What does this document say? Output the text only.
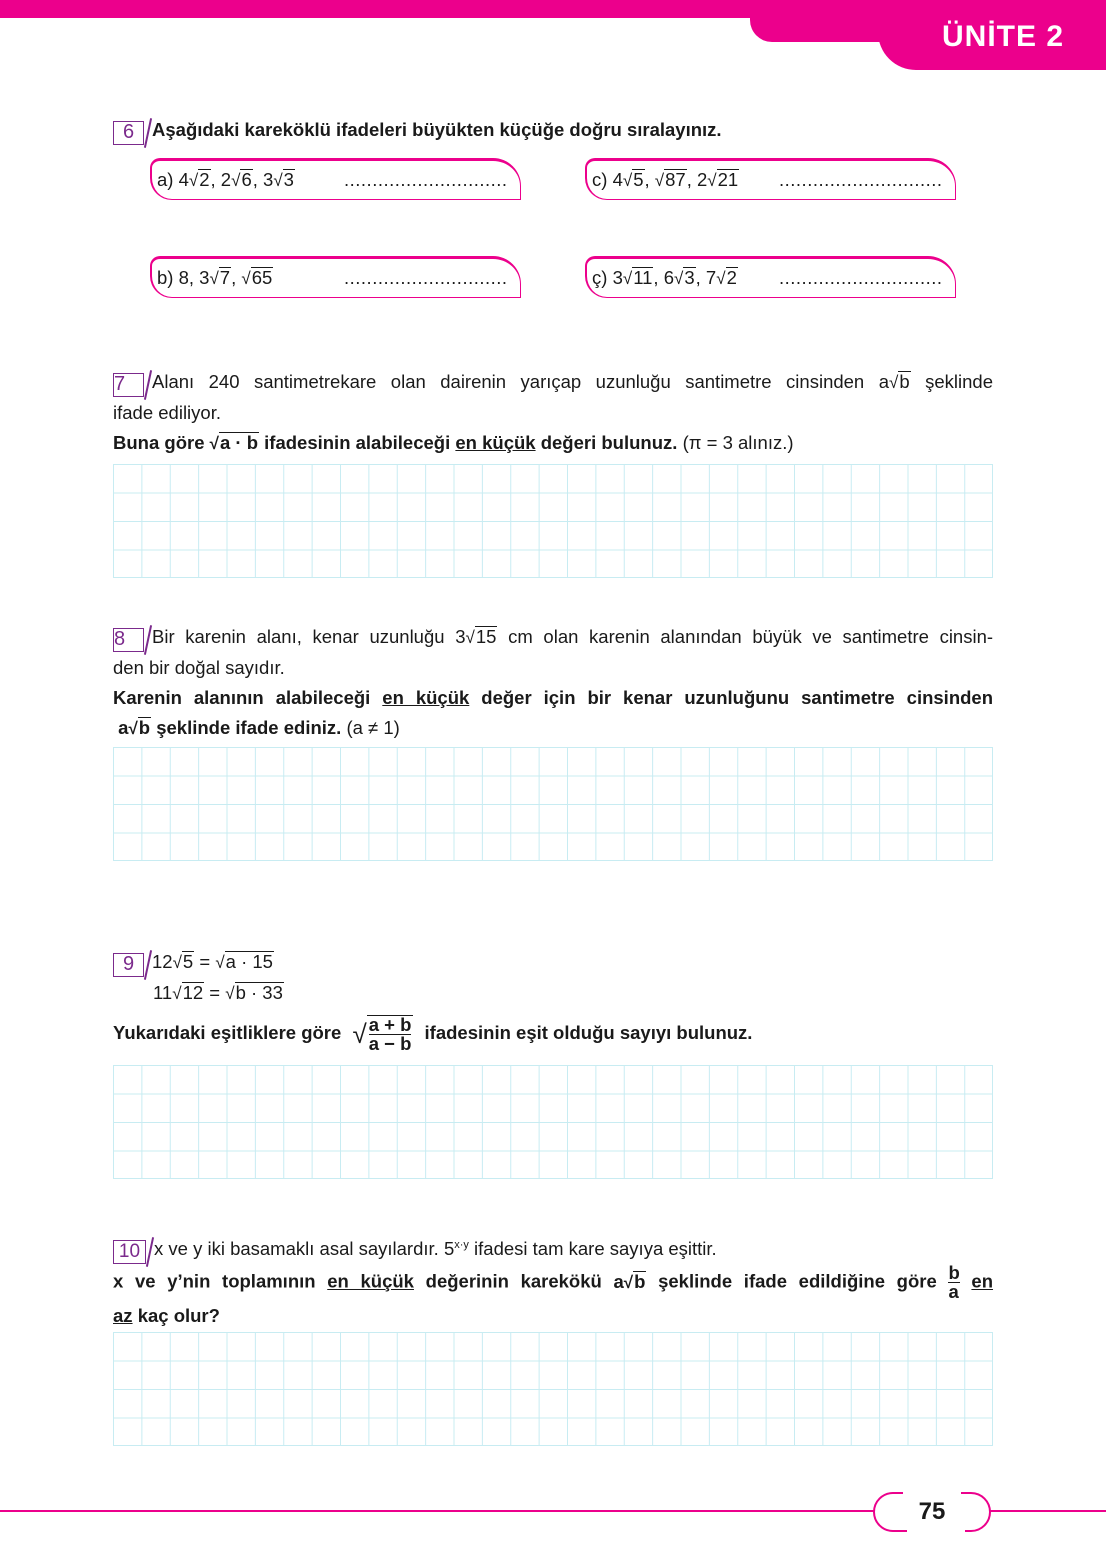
ÜNİTE 2
6 Aşağıdaki kareköklü ifadeleri büyükten küçüğe doğru sıralayınız.
a) 4√2, 2√6, 3√3	.............................
b) 8, 3√7, √65	.............................
c) 4√5, √87, 2√21 .............................
ç) 3√11, 6√3, 7√2 .............................
7 Alanı 240 santimetrekare olan dairenin yarıçap uzunluğu santimetre cinsinden a√b şeklinde
ifade ediliyor.
Buna göre √a · b ifadesinin alabileceği en küçük değeri bulunuz. (π = 3 alınız.)
8 Bir karenin alanı, kenar uzunluğu 3√15 cm olan karenin alanından büyük ve santimetre cinsin-
den bir doğal sayıdır.
Karenin alanının alabileceği en küçük değer için bir kenar uzunluğunu santimetre cinsinden
a√b şeklinde ifade ediniz. (a ≠ 1)
9 12√5 = √a · 15
11√12 = √b · 33
Yukarıdaki eşitliklere göre √ $\frac{a + b}{a - b}$ ifadesinin eşit olduğu sayıyı bulunuz.
10 x ve y iki basamaklı asal sayılardır. $5^{x\cdot y}$ ifadesi tam kare sayıya eşittir.
x ve y’nin toplamının en küçük değerinin karekökü a√b şeklinde ifade edildiğine göre $\frac{b}{a}$ en
az kaç olur?
75
